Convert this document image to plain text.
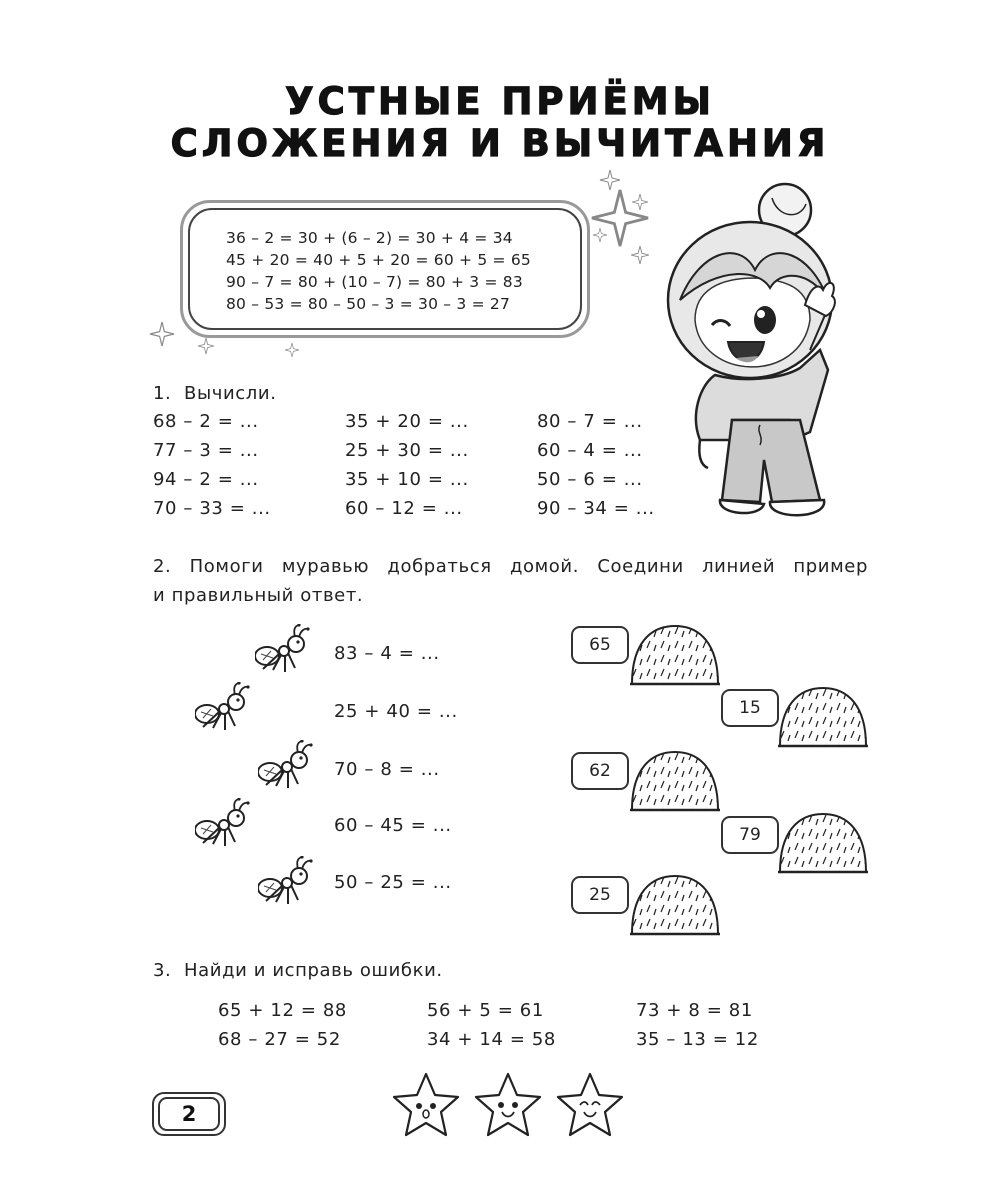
УСТНЫЕ ПРИЁМЫ
СЛОЖЕНИЯ И ВЫЧИТАНИЯ
36 – 2 = 30 + (6 – 2) = 30 + 4 = 34
45 + 20 = 40 + 5 + 20 = 60 + 5 = 65
90 – 7 = 80 + (10 – 7) = 80 + 3 = 83
80 – 53 = 80 – 50 – 3 = 30 – 3 = 27
1.  Вычисли.
68 – 2 = ...
77 – 3 = ...
94 – 2 = ...
70 – 33 = ...
35 + 20 = ...
25 + 30 = ...
35 + 10 = ...
60 – 12 = ...
80 – 7 = ...
60 – 4 = ...
50 – 6 = ...
90 – 34 = ...
2. Помоги муравью добраться домой. Соедини линией пример
и правильный ответ.
83 – 4 = ...
25 + 40 = ...
70 – 8 = ...
60 – 45 = ...
50 – 25 = ...
65
15
62
79
25
3.  Найди и исправь ошибки.
65 + 12 = 88
68 – 27 = 52
56 + 5 = 61
34 + 14 = 58
73 + 8 = 81
35 – 13 = 12
2
